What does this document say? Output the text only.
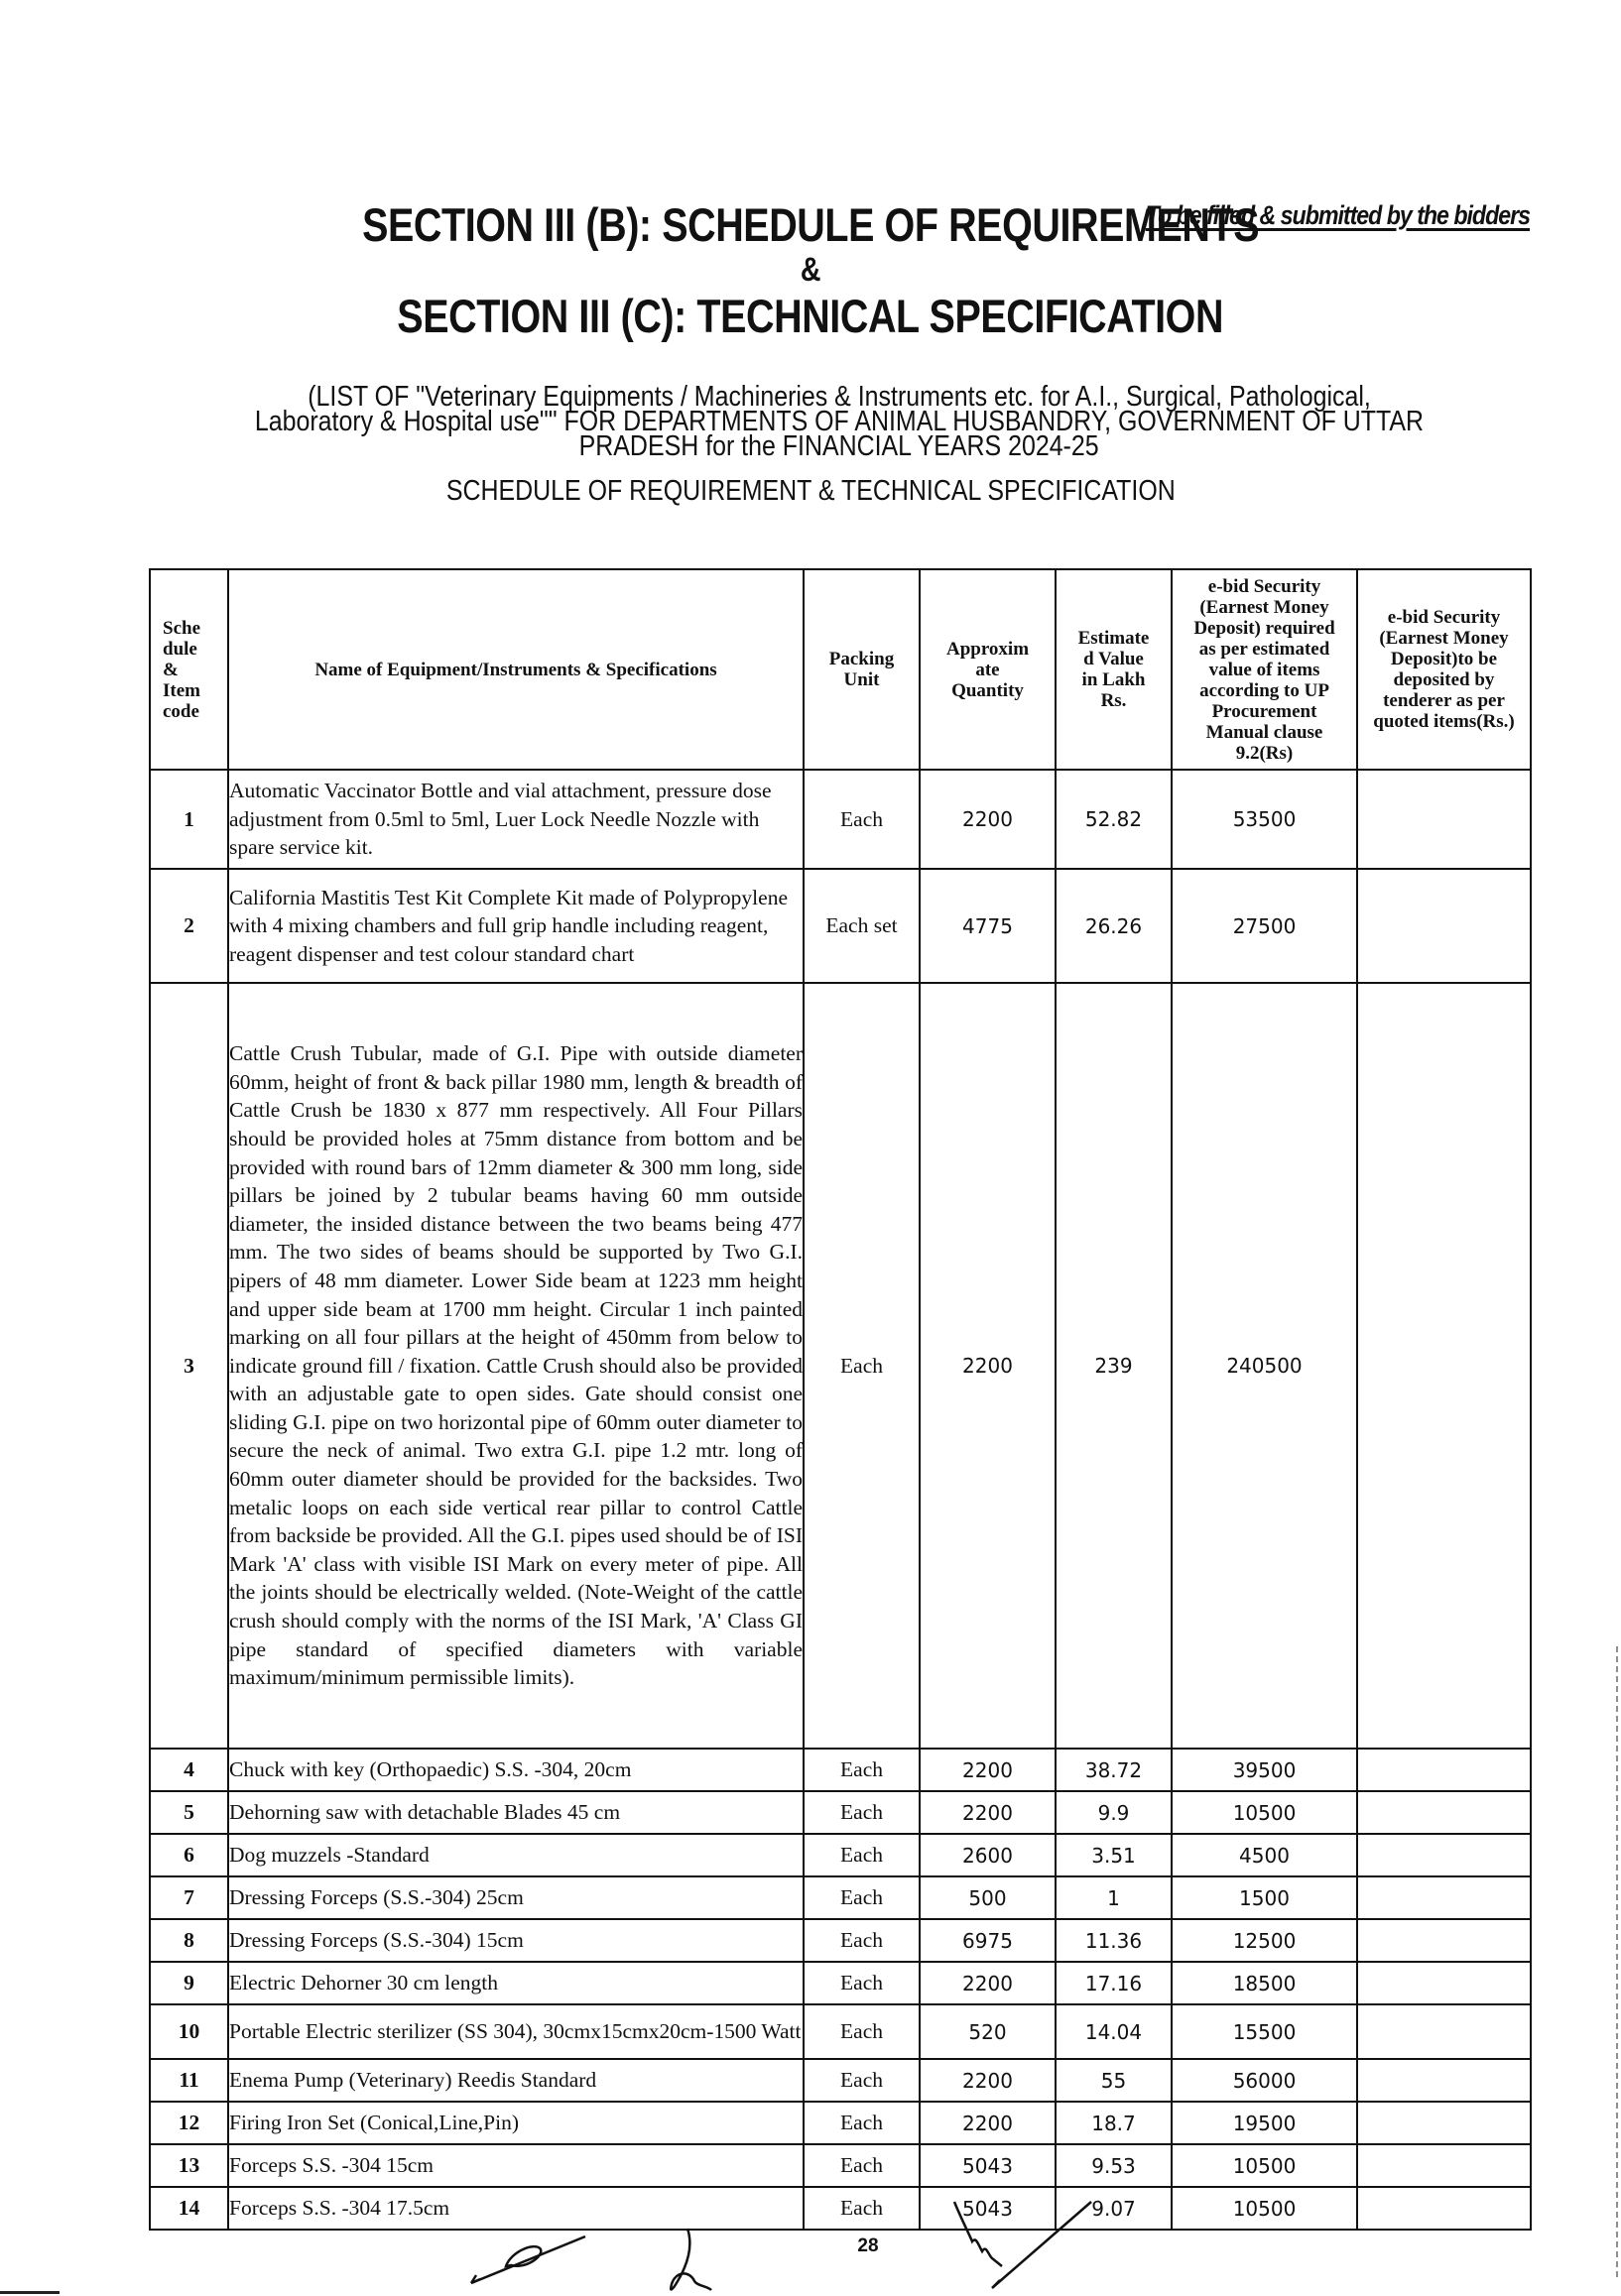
To be filled & submitted by the bidders
SECTION III (B): SCHEDULE OF REQUIREMENTS
&
SECTION III (C): TECHNICAL SPECIFICATION
(LIST OF "Veterinary Equipments / Machineries & Instruments etc. for A.I., Surgical, Pathological,
Laboratory & Hospital use"" FOR DEPARTMENTS OF ANIMAL HUSBANDRY, GOVERNMENT OF UTTAR
PRADESH for the FINANCIAL YEARS 2024-25
SCHEDULE OF REQUIREMENT & TECHNICAL SPECIFICATION
Sche dule & Item code	Name of Equipment/Instruments & Specifications	Packing Unit	Approxim ate Quantity	Estimate d Value in Lakh Rs.	e-bid Security (Earnest Money Deposit) required as per estimated value of items according to UP Procurement Manual clause 9.2(Rs)	e-bid Security (Earnest Money Deposit)to be deposited by tenderer as per quoted items(Rs.)

1	Automatic Vaccinator Bottle and vial attachment, pressure dose adjustment from 0.5ml to 5ml, Luer Lock Needle Nozzle with spare service kit.	Each	2200	52.82	53500	
2	California Mastitis Test Kit Complete Kit made of Polypropylene with 4 mixing chambers and full grip handle including reagent, reagent dispenser and test colour standard chart	Each set	4775	26.26	27500	
3	Cattle Crush Tubular, made of G.I. Pipe with outside diameter 60mm, height of front & back pillar 1980 mm, length & breadth of Cattle Crush be 1830 x 877 mm respectively. All Four Pillars should be provided holes at 75mm distance from bottom and be provided with round bars of 12mm diameter & 300 mm long, side pillars be joined by 2 tubular beams having 60 mm outside diameter, the insided distance between the two beams being 477 mm. The two sides of beams should be supported by Two G.I. pipers of 48 mm diameter. Lower Side beam at 1223 mm height and upper side beam at 1700 mm height. Circular 1 inch painted marking on all four pillars at the height of 450mm from below to indicate ground fill / fixation. Cattle Crush should also be provided with an adjustable gate to open sides. Gate should consist one sliding G.I. pipe on two horizontal pipe of 60mm outer diameter to secure the neck of animal. Two extra G.I. pipe 1.2 mtr. long of 60mm outer diameter should be provided for the backsides. Two metalic loops on each side vertical rear pillar to control Cattle from backside be provided. All the G.I. pipes used should be of ISI Mark 'A' class with visible ISI Mark on every meter of pipe. All the joints should be electrically welded. (Note-Weight of the cattle crush should comply with the norms of the ISI Mark, 'A' Class GI pipe standard of specified diameters with variable maximum/minimum permissible limits).	Each	2200	239	240500	
4	Chuck with key (Orthopaedic) S.S. -304, 20cm	Each	2200	38.72	39500	
5	Dehorning saw with detachable Blades 45 cm	Each	2200	9.9	10500	
6	Dog muzzels -Standard	Each	2600	3.51	4500	
7	Dressing Forceps (S.S.-304) 25cm	Each	500	1	1500	
8	Dressing Forceps (S.S.-304) 15cm	Each	6975	11.36	12500	
9	Electric Dehorner 30 cm length	Each	2200	17.16	18500	
10	Portable Electric sterilizer (SS 304), 30cmx15cmx20cm-1500 Watt	Each	520	14.04	15500	
11	Enema Pump (Veterinary) Reedis Standard	Each	2200	55	56000	
12	Firing Iron Set (Conical,Line,Pin)	Each	2200	18.7	19500	
13	Forceps S.S. -304 15cm	Each	5043	9.53	10500	
14	Forceps S.S. -304 17.5cm	Each	5043	9.07	10500	
28
